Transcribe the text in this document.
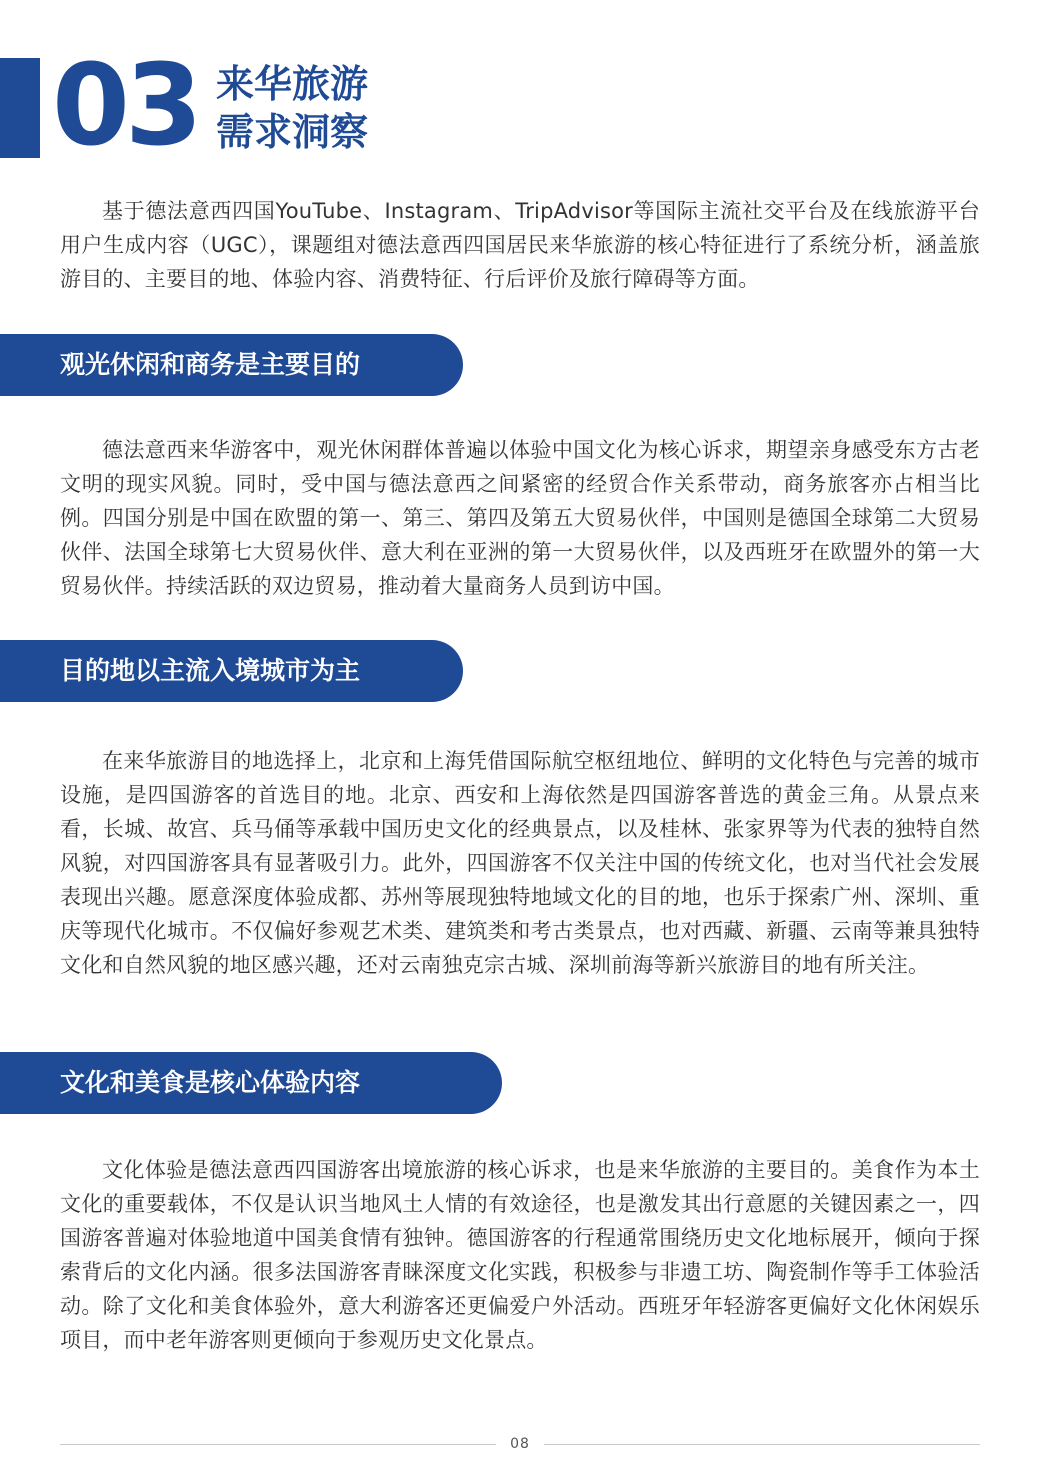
03 来华旅游
需求洞察

基于德法意西四国YouTube、Instagram、TripAdvisor等国际主流社交平台及在线旅游平台用户生成内容（UGC），课题组对德法意西四国居民来华旅游的核心特征进行了系统分析，涵盖旅游目的、主要目的地、体验内容、消费特征、行后评价及旅行障碍等方面。

观光休闲和商务是主要目的

德法意西来华游客中，观光休闲群体普遍以体验中国文化为核心诉求，期望亲身感受东方古老文明的现实风貌。同时，受中国与德法意西之间紧密的经贸合作关系带动，商务旅客亦占相当比例。四国分别是中国在欧盟的第一、第三、第四及第五大贸易伙伴，中国则是德国全球第二大贸易伙伴、法国全球第七大贸易伙伴、意大利在亚洲的第一大贸易伙伴，以及西班牙在欧盟外的第一大贸易伙伴。持续活跃的双边贸易，推动着大量商务人员到访中国。

目的地以主流入境城市为主

在来华旅游目的地选择上，北京和上海凭借国际航空枢纽地位、鲜明的文化特色与完善的城市设施，是四国游客的首选目的地。北京、西安和上海依然是四国游客普选的黄金三角。从景点来看，长城、故宫、兵马俑等承载中国历史文化的经典景点，以及桂林、张家界等为代表的独特自然风貌，对四国游客具有显著吸引力。此外，四国游客不仅关注中国的传统文化，也对当代社会发展表现出兴趣。愿意深度体验成都、苏州等展现独特地域文化的目的地，也乐于探索广州、深圳、重庆等现代化城市。不仅偏好参观艺术类、建筑类和考古类景点，也对西藏、新疆、云南等兼具独特文化和自然风貌的地区感兴趣，还对云南独克宗古城、深圳前海等新兴旅游目的地有所关注。

文化和美食是核心体验内容

文化体验是德法意西四国游客出境旅游的核心诉求，也是来华旅游的主要目的。美食作为本土文化的重要载体，不仅是认识当地风土人情的有效途径，也是激发其出行意愿的关键因素之一，四国游客普遍对体验地道中国美食情有独钟。德国游客的行程通常围绕历史文化地标展开，倾向于探索背后的文化内涵。很多法国游客青睐深度文化实践，积极参与非遗工坊、陶瓷制作等手工体验活动。除了文化和美食体验外，意大利游客还更偏爱户外活动。西班牙年轻游客更偏好文化休闲娱乐项目，而中老年游客则更倾向于参观历史文化景点。

08
